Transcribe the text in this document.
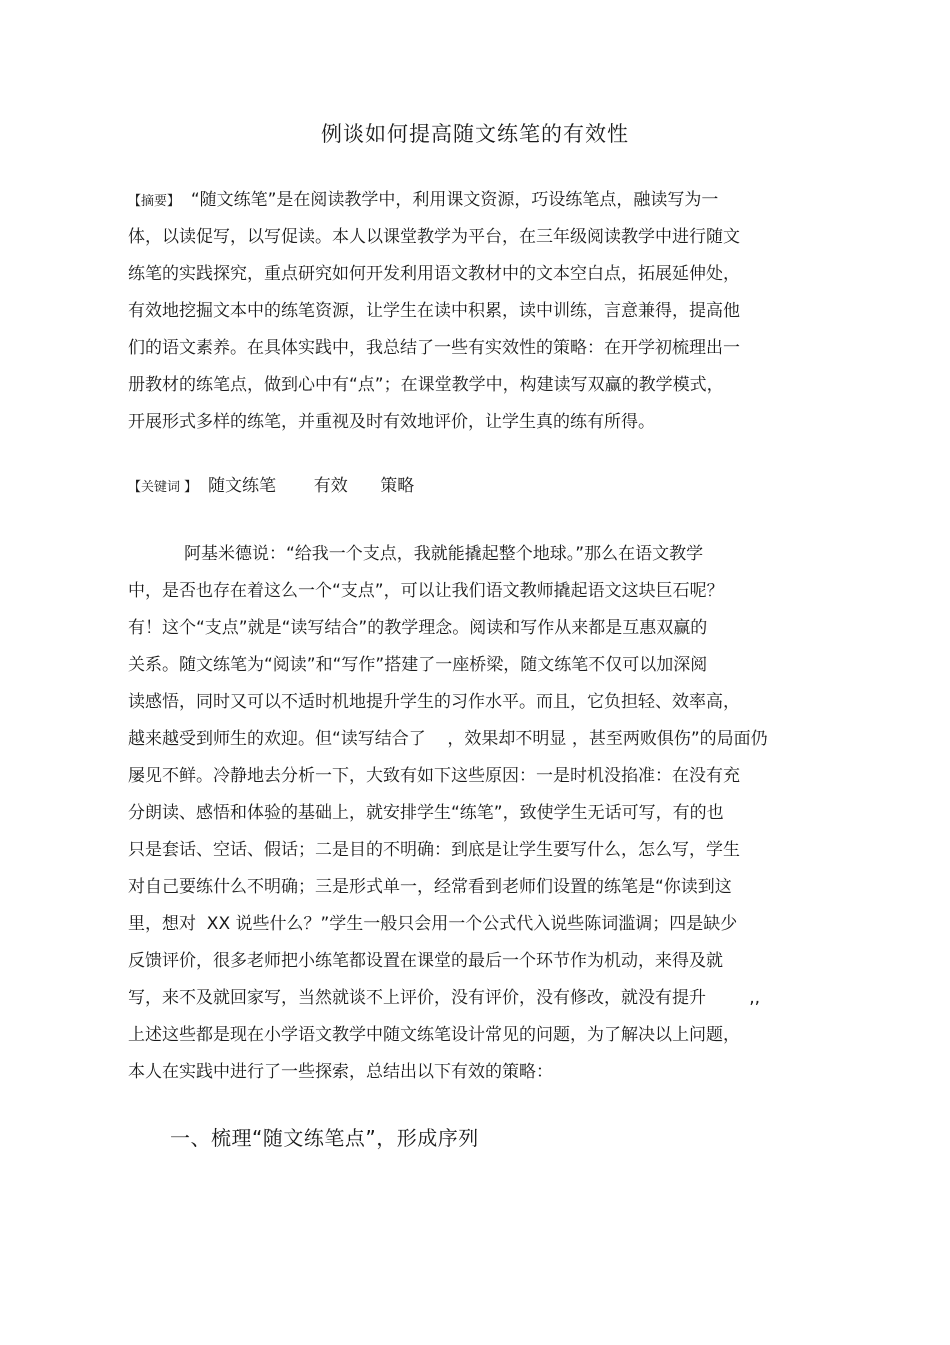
例谈如何提高随文练笔的有效性
【摘要】  “随文练笔”是在阅读教学中，利用课文资源，巧设练笔点，融读写为一
体，以读促写，以写促读。本人以课堂教学为平台，在三年级阅读教学中进行随文
练笔的实践探究，重点研究如何开发利用语文教材中的文本空白点，拓展延伸处，
有效地挖掘文本中的练笔资源，让学生在读中积累，读中训练，言意兼得，提高他
们的语文素养。在具体实践中，我总结了一些有实效性的策略：在开学初梳理出一
册教材的练笔点，做到心中有“点”；在课堂教学中，构建读写双赢的教学模式，
开展形式多样的练笔，并重视及时有效地评价，让学生真的练有所得。
【关键词 】 随文练笔 有效 策略
阿基米德说：“给我一个支点，我就能撬起整个地球。”那么在语文教学
中，是否也存在着这么一个“支点”，可以让我们语文教师撬起语文这块巨石呢？
有！这个“支点”就是“读写结合”的教学理念。阅读和写作从来都是互惠双赢的
关系。随文练笔为“阅读”和“写作”搭建了一座桥梁，随文练笔不仅可以加深阅
读感悟，同时又可以不适时机地提升学生的习作水平。而且，它负担轻、效率高，
越来越受到师生的欢迎。但“读写结合了    ，效果却不明显 ，甚至两败俱伤”的局面仍
屡见不鲜。冷静地去分析一下，大致有如下这些原因：一是时机没掐准：在没有充
分朗读、感悟和体验的基础上，就安排学生“练笔”，致使学生无话可写，有的也
只是套话、空话、假话；二是目的不明确：到底是让学生要写什么，怎么写，学生
对自己要练什么不明确；三是形式单一，经常看到老师们设置的练笔是“你读到这
里，想对  XX 说些什么？”学生一般只会用一个公式代入说些陈词滥调；四是缺少
反馈评价，很多老师把小练笔都设置在课堂的最后一个环节作为机动，来得及就
写，来不及就回家写，当然就谈不上评价，没有评价，没有修改，就没有提升        ,,
上述这些都是现在小学语文教学中随文练笔设计常见的问题，为了解决以上问题，
本人在实践中进行了一些探索，总结出以下有效的策略：
一、梳理“随文练笔点”，形成序列
